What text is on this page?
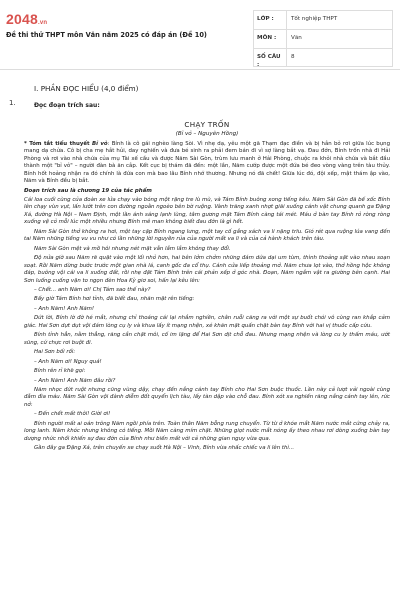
2048.vn
Đề thi thử THPT môn Văn năm 2025 có đáp án (Đề 10)
LỚP :	Tốt nghiệp THPT
MÔN :	Văn
SỐ CÂU :
8
1.
I. PHẦN ĐỌC HIỂU (4,0 điểm)
Đọc đoạn trích sau:
CHẠY TRỐN
(Bỉ vỏ – Nguyên Hồng)
* Tóm tắt tiểu thuyết Bỉ vỏ: Bính là cô gái nghèo làng Sòi. Vì nhẹ dạ, yêu một gã Thạm đạc điền và bị hắn bỏ rơi giữa lúc bụng mang dạ chửa. Cô bị cha mẹ hắt hủi, day nghiến và đưa bé sinh ra phải đem bán đi vì sợ làng bắt vạ. Đau đớn, Bính trốn nhà đi Hải Phòng và rơi vào nhà chứa của mụ Tài xế cầu và được Năm Sài Gòn, trùm lưu manh ở Hải Phòng, chuộc ra khỏi nhà chứa và bắt đầu thành một "bỉ vỏ" – người đàn bà ăn cắp. Kết cục bị thám đã đến: một lần, Năm cướp được một đứa bé đeo vòng vàng trên tàu thủy. Bính hốt hoảng nhận ra đó chính là đứa con mà bao lâu Bính nhớ thương. Nhưng nó đã chết! Giữa lúc đó, đội xếp, mật thám ập vào, Năm và Bính đều bị bắt.
Đoạn trích sau là chương 19 của tác phẩm
Cái loa cuối cùng của đoàn xe lửa chạy vào bóng một rặng tre lù mù, và Tám Bính buông xong tiếng kêu. Năm Sài Gòn đã bế xốc Bính lên chạy vùn vụt, lấn lướt trên con đường ngoằn ngoèo bên bờ ruộng. Vành trăng xanh nhợt giãi xuống cánh vật chung quanh ga Đặng Xá, đường Hà Nội – Nam Định, một lần ánh sáng lạnh lùng, tâm gương mặt Tám Bính càng tái mét. Máu ở bàn tay Bính rỏ ròng ròng xuống vệ cỏ mỗi lúc một nhiều nhưng Bính mê man không biết đau đớn là gì hết.
Năm Sài Gòn thở không ra hơi, một tay cặp Bính ngang lưng, một tay cố gắng xách va li nặng trĩu. Gió rét qua ruộng lúa vang đến tai Năm những tiếng vu vu như có lần những lời nguyền rủa của người mất va li và của cả hành khách trên tàu.
Năm Sài Gòn mệt và mồ hôi nhưng nét mặt vẫn lắm lắm không thay đổi.
Độ nửa giờ sau Năm rẽ quặt vào một lối nhỏ hơn, hai bên lởm chởm những đám dứa dại um tùm, thình thoảng sặt vào nhau soạn soạt. Rồi Năm dừng bước trước một gian nhà lá, canh gốc đa cổ thụ. Cánh cửa liếp thoảng mở. Năm chưa lọt vào, thở hồng hộc không đáp, buông vội cái va li xuống đất, rồi nhẹ đặt Tám Bính trên cái phản xếp ở góc nhà. Đoạn, Năm ngắm vật ra giường bên cạnh. Hai Sơn luống cuống vặn to ngọn đèn Hoa Kỳ giơ soi, hấn lại kêu lên:
– Chết... anh Năm ơi! Chị Tám sao thế này?
Bấy giờ Tám Bính hơi tỉnh, đã biết đau, nhăn mặt rên tiếng:
– Anh Năm! Anh Năm!
Dứt lời, Bính lờ đờ hé mắt, nhưng chỉ thoáng cái lại nhắm nghiền, chân ruỗi căng ra với một sự buốt chói vô cùng ran khắp cảm giác. Hai Sơn dựt dụt vội đám lòng cụ ly và khua lấy ít mạng nhện, xé khăn mặt quấn chặt bàn tay Bính với hai vị thuốc cấp cứu.
Bính tỉnh hẳn, nằm thẳng, răng cắn chặt môi, cố im lặng để Hai Sơn dịt chỗ đau. Nhưng mạng nhện và lòng cu ly thấm máu, ướt sũng, cứ chực rơi buột đi.
Hai Sơn bối rối:
– Anh Năm ơi! Nguy quá!
Bính rên rỉ khẽ gọi:
– Anh Năm! Anh Năm đâu rồi?
Năm nhọc đứt ruột nhưng cũng vùng dậy, chạy đến nắng cánh tay Bính cho Hai Sơn buộc thuốc. Lần này cả lượt vải ngoài cùng đẫm đìa máu. Năm Sài Gòn vội đành diễm đốt quyển lịch tàu, lấy tàn dập vào chỗ đau. Bính xót xa nghiến răng nắng cánh tay lên, rức nở:
– Đến chết mất thôi! Giời ơi!
Bính người mất ai oán trông Năm ngồi phía trên. Toàn thân Năm bỗng rung chuyển. Từ từ ở khóe mắt Năm nước mắt cứng chảy ra, long lanh. Năm khóc nhưng không có tiếng. Mồi Năm càng mím chặt. Những giọt nước mắt nóng ấy theo nhau rơi dòng xuống bàn tay dượng nhức nhối khiến sự đau đớn của Bính như biến mất với cả những gian nguy vừa qua.
Gần đây ga Đặng Xá, trên chuyến xe chạy suốt Hà Nội – Vinh, Bính vừa nhấc chiếc va li lên thì...
